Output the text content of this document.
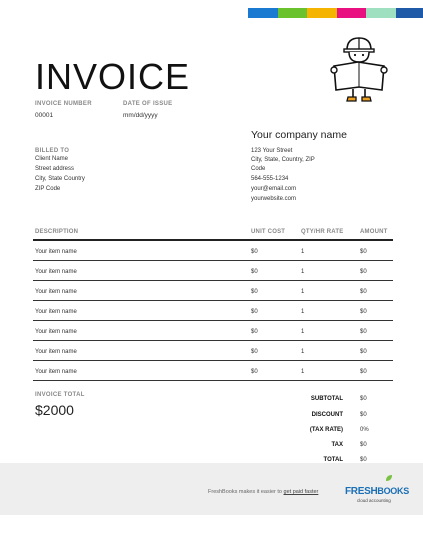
INVOICE
INVOICE NUMBER
00001
DATE OF ISSUE
mm/dd/yyyy
Your company name
123 Your Street
City, State, Country, ZIP
Code
564-555-1234
your@email.com
yourwebsite.com
BILLED TO
Client Name
Street address
City, State Country
ZIP Code
DESCRIPTION	UNIT COST	QTY/HR RATE	AMOUNT
Your item name	$0	1	$0
Your item name	$0	1	$0
Your item name	$0	1	$0
Your item name	$0	1	$0
Your item name	$0	1	$0
Your item name	$0	1	$0
Your item name	$0	1	$0
INVOICE TOTAL
$2000
SUBTOTAL	$0
DISCOUNT	$0
(TAX RATE)	0%
TAX	$0
TOTAL	$0
FreshBooks makes it easier to get paid faster	FRESHBOOKS
cloud accounting
